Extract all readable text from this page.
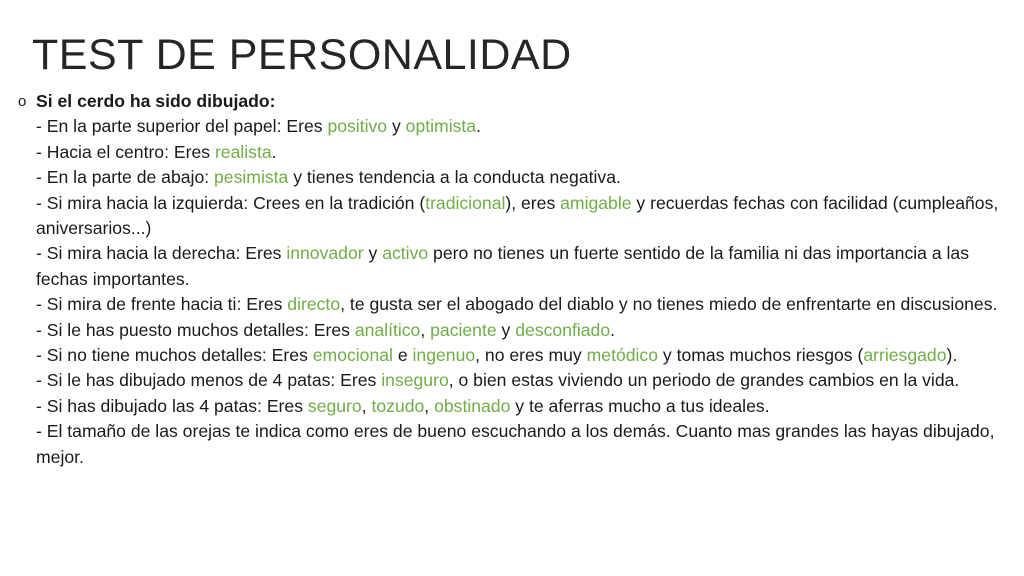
TEST DE PERSONALIDAD
o Si el cerdo ha sido dibujado:
- En la parte superior del papel: Eres positivo y optimista.
- Hacia el centro: Eres realista.
- En la parte de abajo: pesimista y tienes tendencia a la conducta negativa.
- Si mira hacia la izquierda: Crees en la tradición (tradicional), eres amigable y recuerdas fechas con facilidad (cumpleaños, aniversarios...)
- Si mira hacia la derecha: Eres innovador y activo pero no tienes un fuerte sentido de la familia ni das importancia a las fechas importantes.
- Si mira de frente hacia ti: Eres directo, te gusta ser el abogado del diablo y no tienes miedo de enfrentarte en discusiones.
- Si le has puesto muchos detalles: Eres analítico, paciente y desconfiado.
- Si no tiene muchos detalles: Eres emocional e ingenuo, no eres muy metódico y tomas muchos riesgos (arriesgado).
- Si le has dibujado menos de 4 patas: Eres inseguro, o bien estas viviendo un periodo de grandes cambios en la vida.
- Si has dibujado las 4 patas: Eres seguro, tozudo, obstinado y te aferras mucho a tus ideales.
- El tamaño de las orejas te indica como eres de bueno escuchando a los demás. Cuanto mas grandes las hayas dibujado, mejor.
